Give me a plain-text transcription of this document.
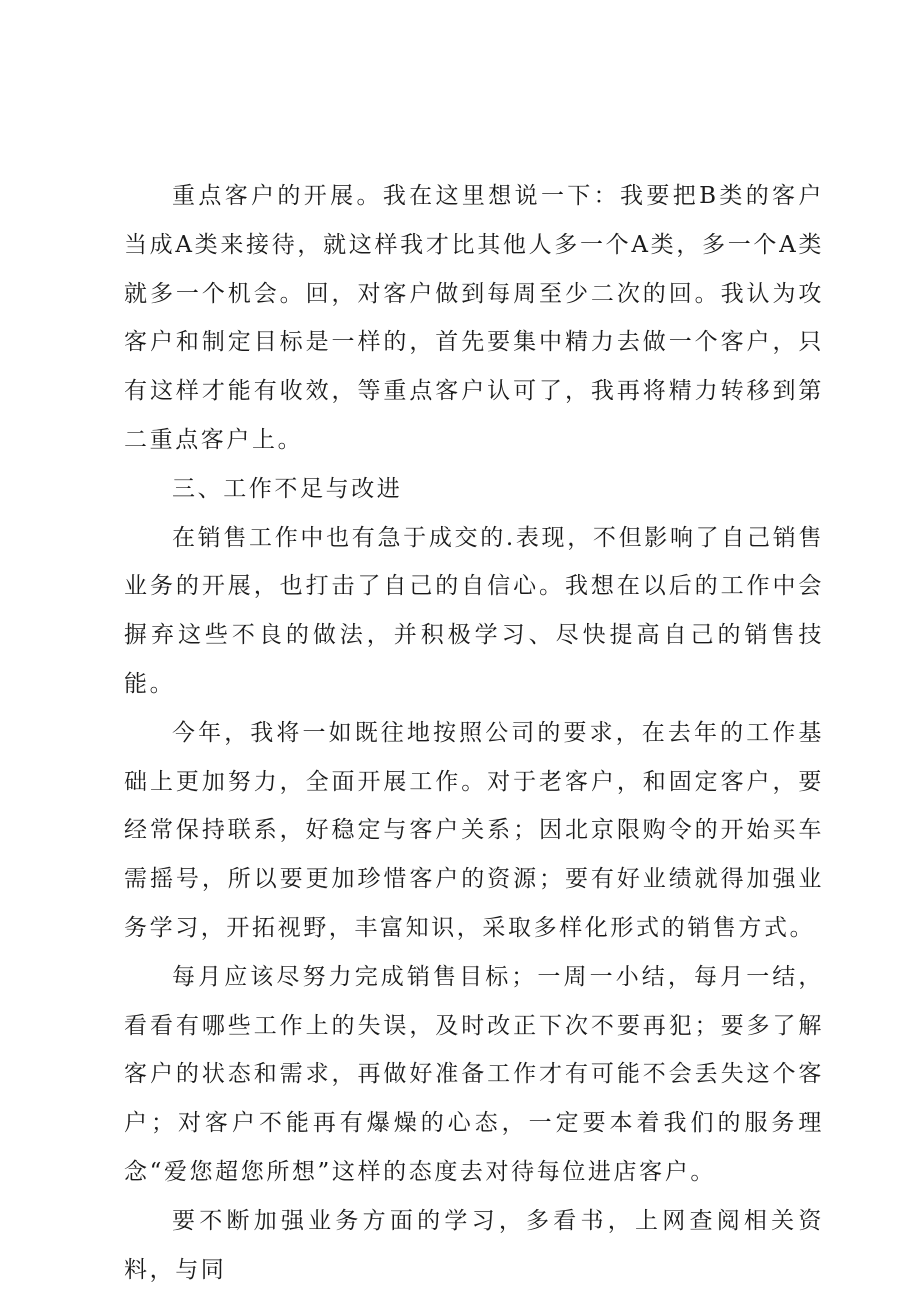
重点客户的开展。我在这里想说一下：我要把B类的客户当成A类来接待，就这样我才比其他人多一个A类，多一个A类就多一个机会。回，对客户做到每周至少二次的回。我认为攻客户和制定目标是一样的，首先要集中精力去做一个客户，只有这样才能有收效，等重点客户认可了，我再将精力转移到第二重点客户上。

三、工作不足与改进

在销售工作中也有急于成交的.表现，不但影响了自己销售业务的开展，也打击了自己的自信心。我想在以后的工作中会摒弃这些不良的做法，并积极学习、尽快提高自己的销售技能。

今年，我将一如既往地按照公司的要求，在去年的工作基础上更加努力，全面开展工作。对于老客户，和固定客户，要经常保持联系，好稳定与客户关系；因北京限购令的开始买车需摇号，所以要更加珍惜客户的资源；要有好业绩就得加强业务学习，开拓视野，丰富知识，采取多样化形式的销售方式。

每月应该尽努力完成销售目标；一周一小结，每月一结，看看有哪些工作上的失误，及时改正下次不要再犯；要多了解客户的状态和需求，再做好准备工作才有可能不会丢失这个客户；对客户不能再有爆燥的心态，一定要本着我们的服务理念“爱您超您所想”这样的态度去对待每位进店客户。

要不断加强业务方面的学习，多看书，上网查阅相关资料，与同
